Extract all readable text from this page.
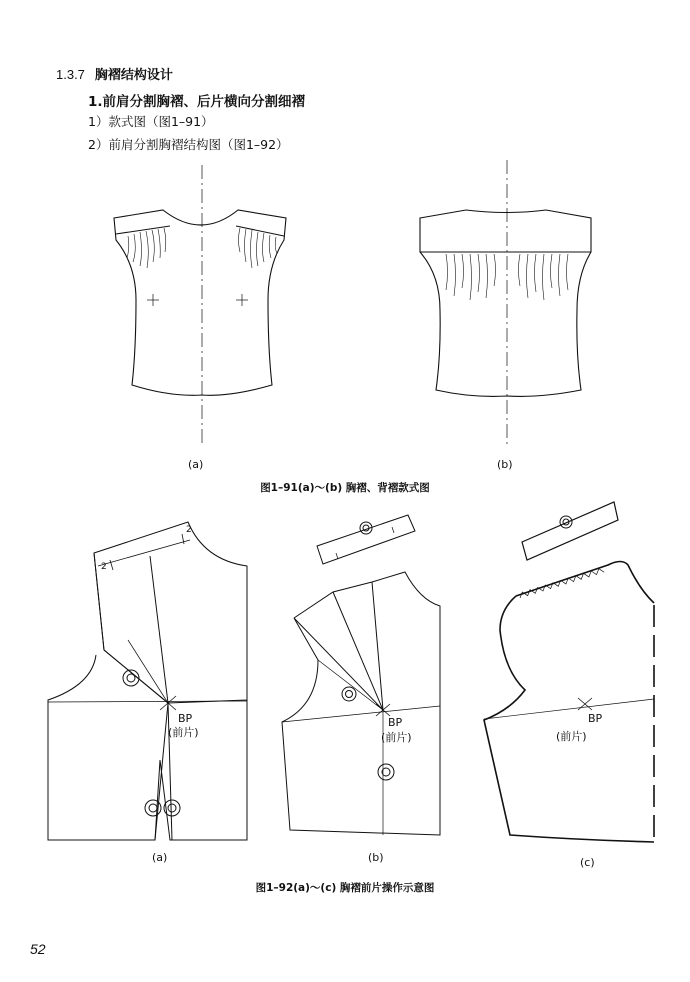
1.3.7 胸褶结构设计
1.前肩分割胸褶、后片横向分割细褶
1）款式图（图1–91）
2）前肩分割胸褶结构图（图1–92）
(a)	(b)
图1–91(a)～(b) 胸褶、背褶款式图
(a)	(b)	(c)
图1–92(a)～(c) 胸褶前片操作示意图
52
2
2
BP
(前片)
BP
(前片)
BP
(前片)
